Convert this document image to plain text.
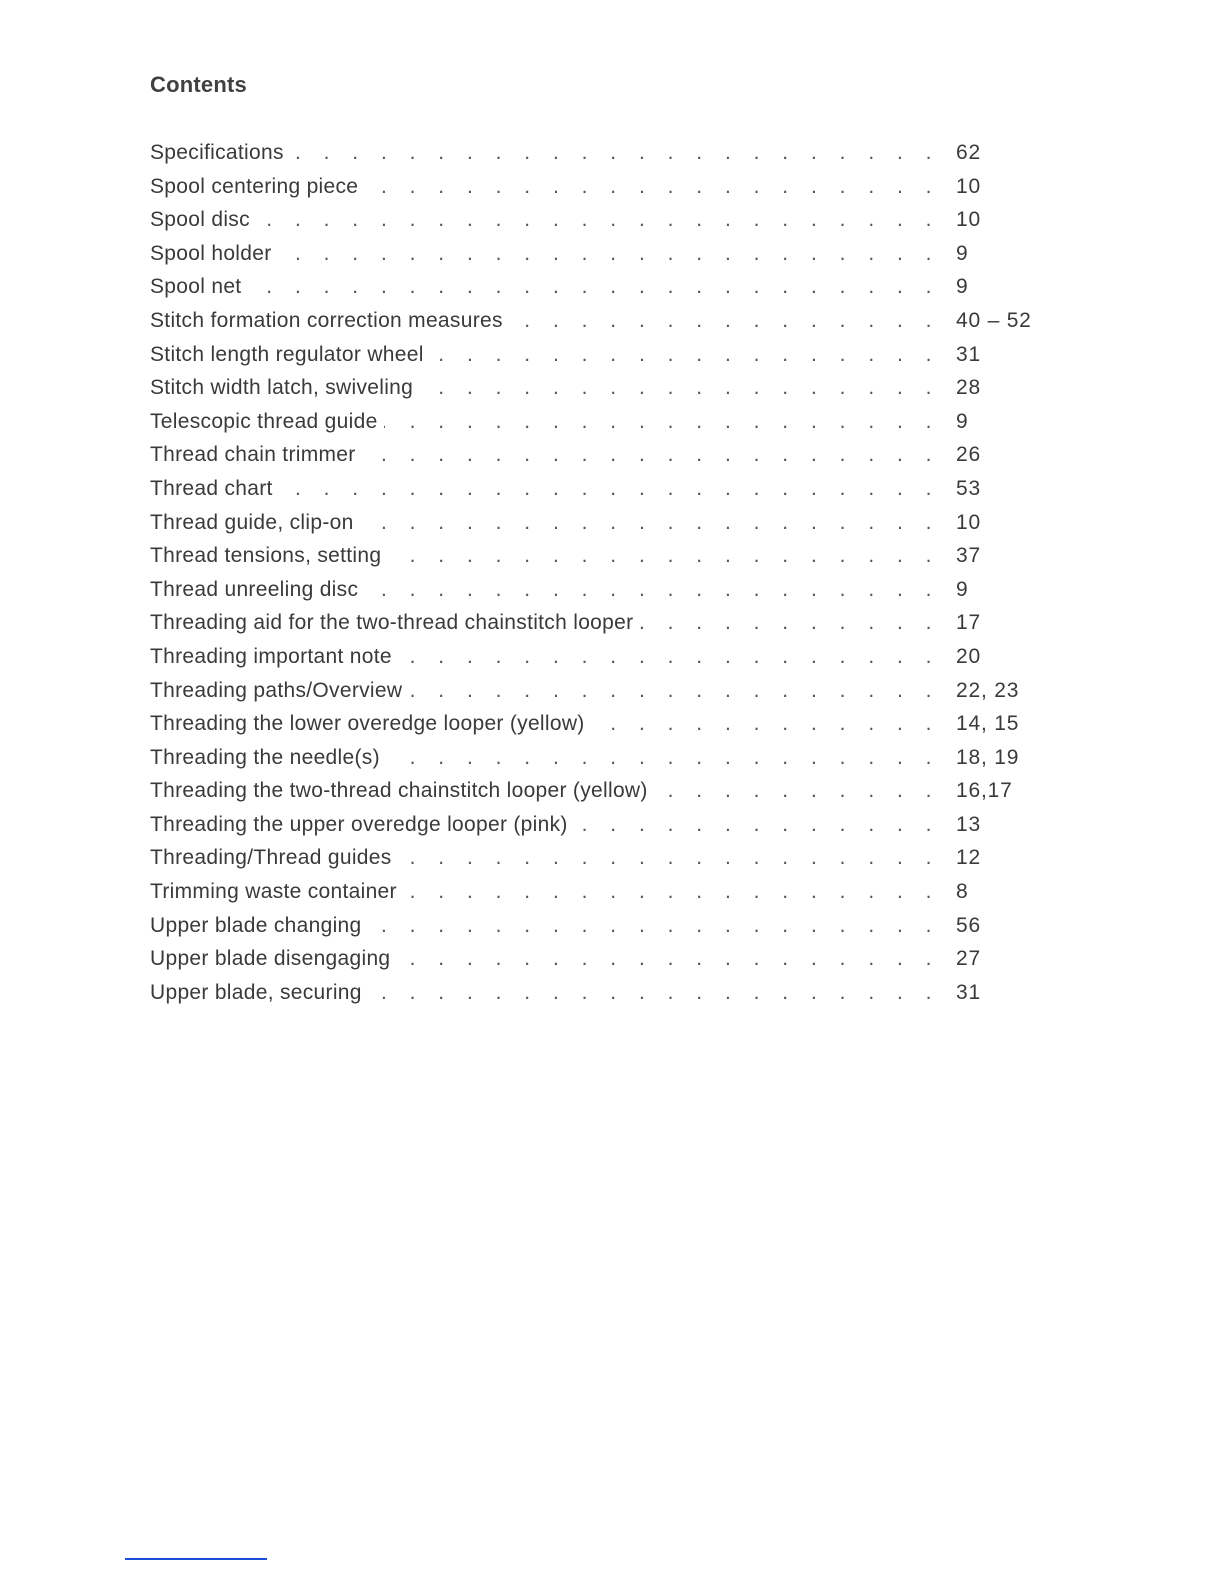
Contents
. . .
Specifications	62
. . .
Spool centering piece	10
. . .
Spool disc	10
. . .
Spool holder	9
. . .
Spool net	9
. . .
Stitch formation correction measures	40 – 52
. . .
Stitch length regulator wheel	31
. . .
Stitch width latch, swiveling	28
. . .
Telescopic thread guide	9
. . .
Thread chain trimmer	26
. . .
Thread chart	53
. . .
Thread guide, clip-on	10
. . .
Thread tensions, setting	37
. . .
Thread unreeling disc	9
. . .
Threading aid for the two-thread chainstitch looper	17
. . .
Threading important note	20
. . .
Threading paths/Overview	22, 23
. . .
Threading the lower overedge looper (yellow)	14, 15
. . .
Threading the needle(s)	18, 19
. . .
Threading the two-thread chainstitch looper (yellow)	16,17
. . .
Threading the upper overedge looper (pink)	13
. . .
Threading/Thread guides	12
. . .
Trimming waste container	8
. . .
Upper blade changing	56
. . .
Upper blade disengaging	27
. . .
Upper blade, securing	31
